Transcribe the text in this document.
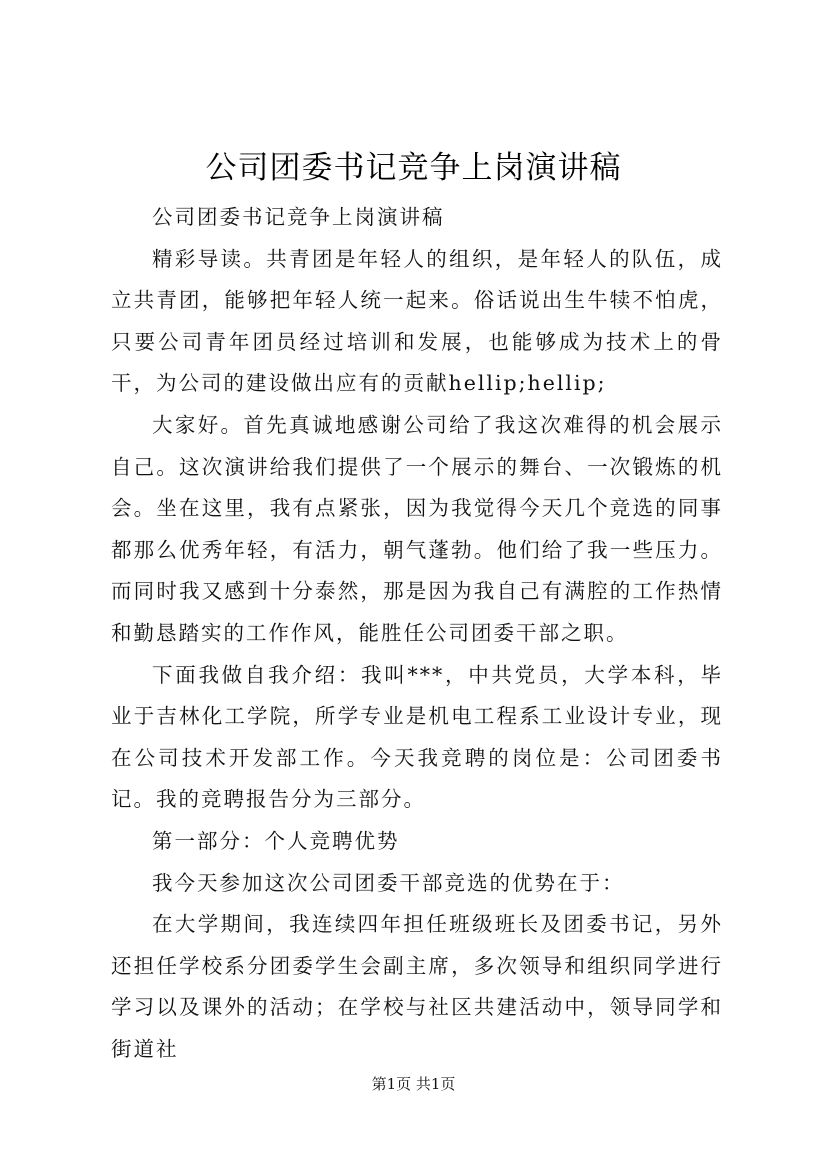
公司团委书记竞争上岗演讲稿

公司团委书记竞争上岗演讲稿

精彩导读。共青团是年轻人的组织，是年轻人的队伍，成立共青团，能够把年轻人统一起来。俗话说出生牛犊不怕虎，只要公司青年团员经过培训和发展，也能够成为技术上的骨干，为公司的建设做出应有的贡献hellip;hellip;

大家好。首先真诚地感谢公司给了我这次难得的机会展示自己。这次演讲给我们提供了一个展示的舞台、一次锻炼的机会。坐在这里，我有点紧张，因为我觉得今天几个竞选的同事都那么优秀年轻，有活力，朝气蓬勃。他们给了我一些压力。而同时我又感到十分泰然，那是因为我自己有满腔的工作热情和勤恳踏实的工作作风，能胜任公司团委干部之职。

下面我做自我介绍：我叫***，中共党员，大学本科，毕业于吉林化工学院，所学专业是机电工程系工业设计专业，现在公司技术开发部工作。今天我竞聘的岗位是：公司团委书记。我的竞聘报告分为三部分。

第一部分：个人竞聘优势

我今天参加这次公司团委干部竞选的优势在于：

在大学期间，我连续四年担任班级班长及团委书记，另外还担任学校系分团委学生会副主席，多次领导和组织同学进行学习以及课外的活动；在学校与社区共建活动中，领导同学和街道社

第1页 共1页
